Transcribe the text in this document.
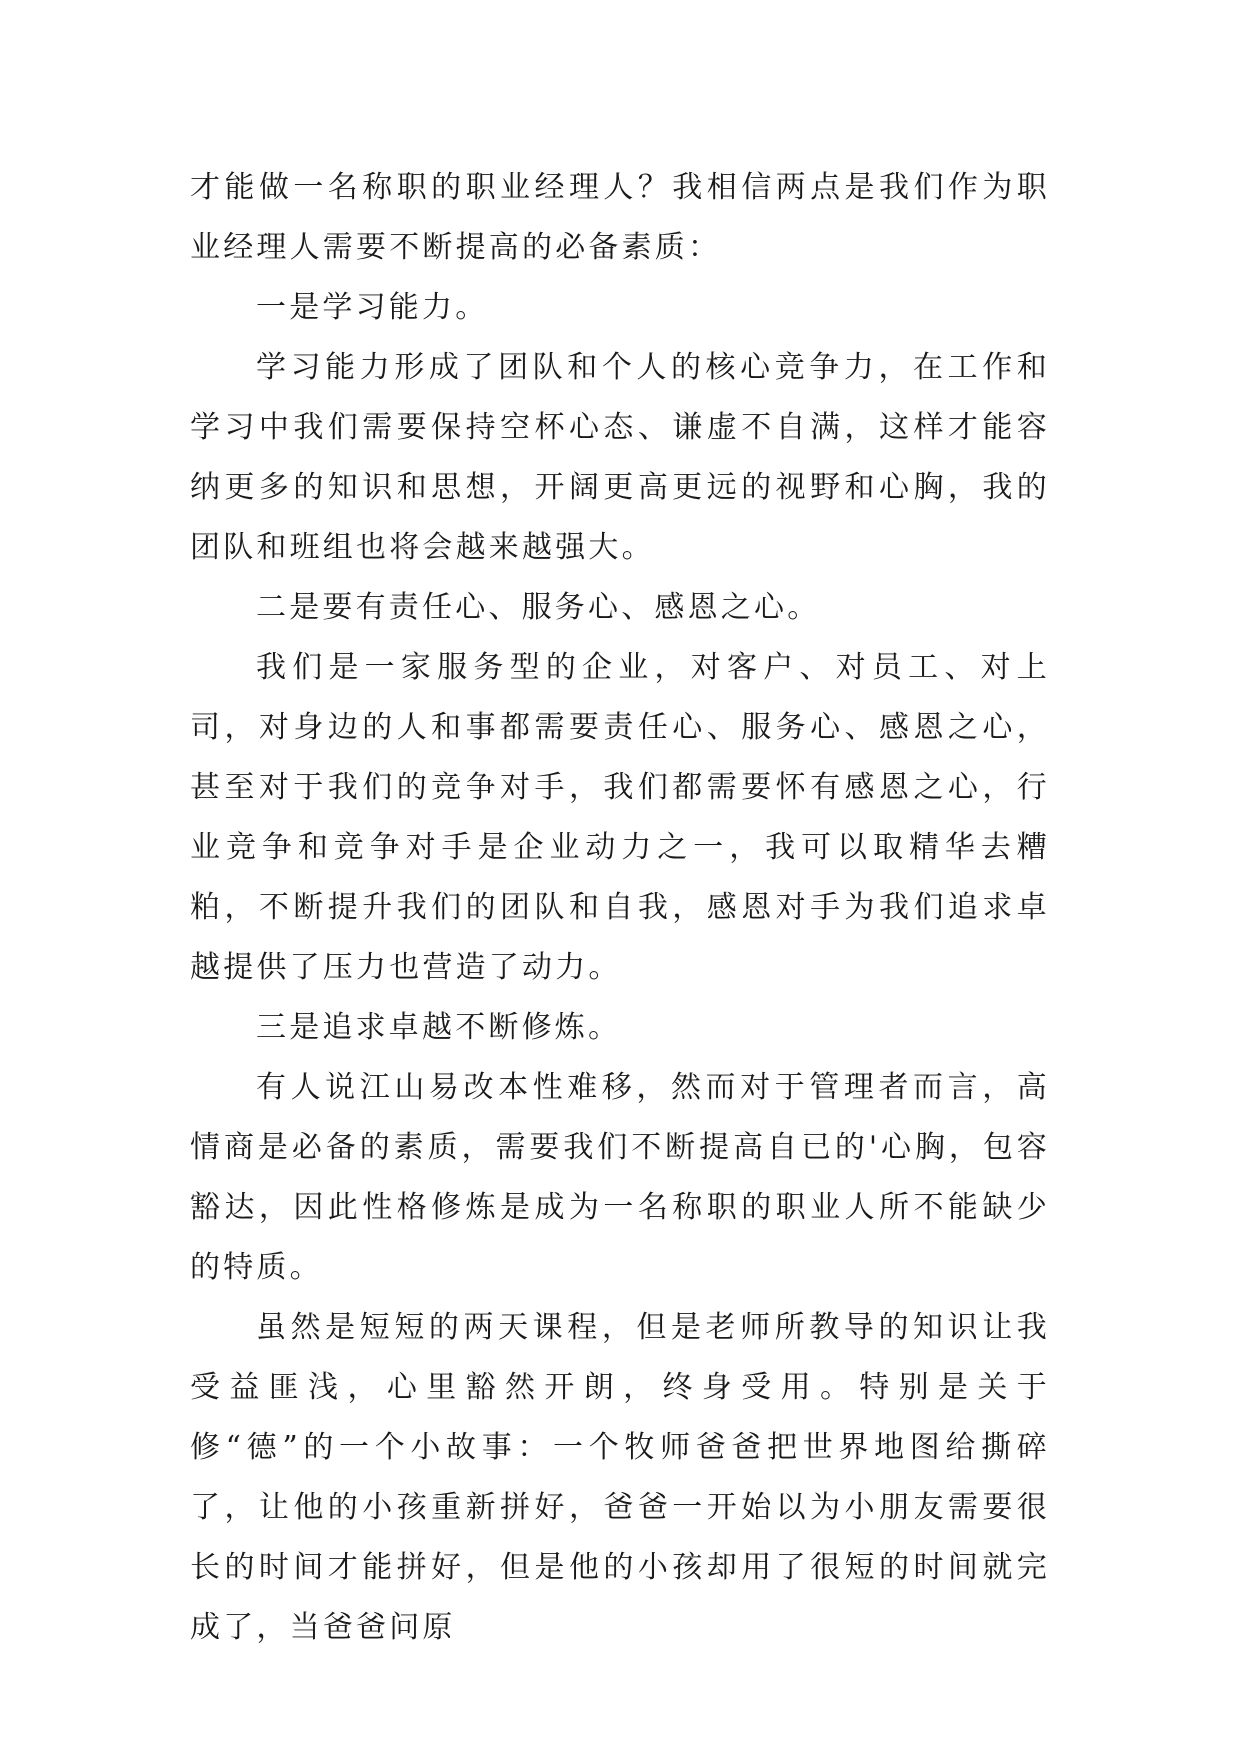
才能做一名称职的职业经理人？我相信两点是我们作为职业经理人需要不断提高的必备素质：

一是学习能力。

学习能力形成了团队和个人的核心竞争力，在工作和学习中我们需要保持空杯心态、谦虚不自满，这样才能容纳更多的知识和思想，开阔更高更远的视野和心胸，我的团队和班组也将会越来越强大。

二是要有责任心、服务心、感恩之心。

我们是一家服务型的企业，对客户、对员工、对上司，对身边的人和事都需要责任心、服务心、感恩之心，甚至对于我们的竞争对手，我们都需要怀有感恩之心，行业竞争和竞争对手是企业动力之一，我可以取精华去糟粕，不断提升我们的团队和自我，感恩对手为我们追求卓越提供了压力也营造了动力。

三是追求卓越不断修炼。

有人说江山易改本性难移，然而对于管理者而言，高情商是必备的素质，需要我们不断提高自已的'心胸，包容豁达，因此性格修炼是成为一名称职的职业人所不能缺少的特质。

虽然是短短的两天课程，但是老师所教导的知识让我受益匪浅，心里豁然开朗，终身受用。特别是关于修“德”的一个小故事：一个牧师爸爸把世界地图给撕碎了，让他的小孩重新拼好，爸爸一开始以为小朋友需要很长的时间才能拼好，但是他的小孩却用了很短的时间就完成了，当爸爸问原
